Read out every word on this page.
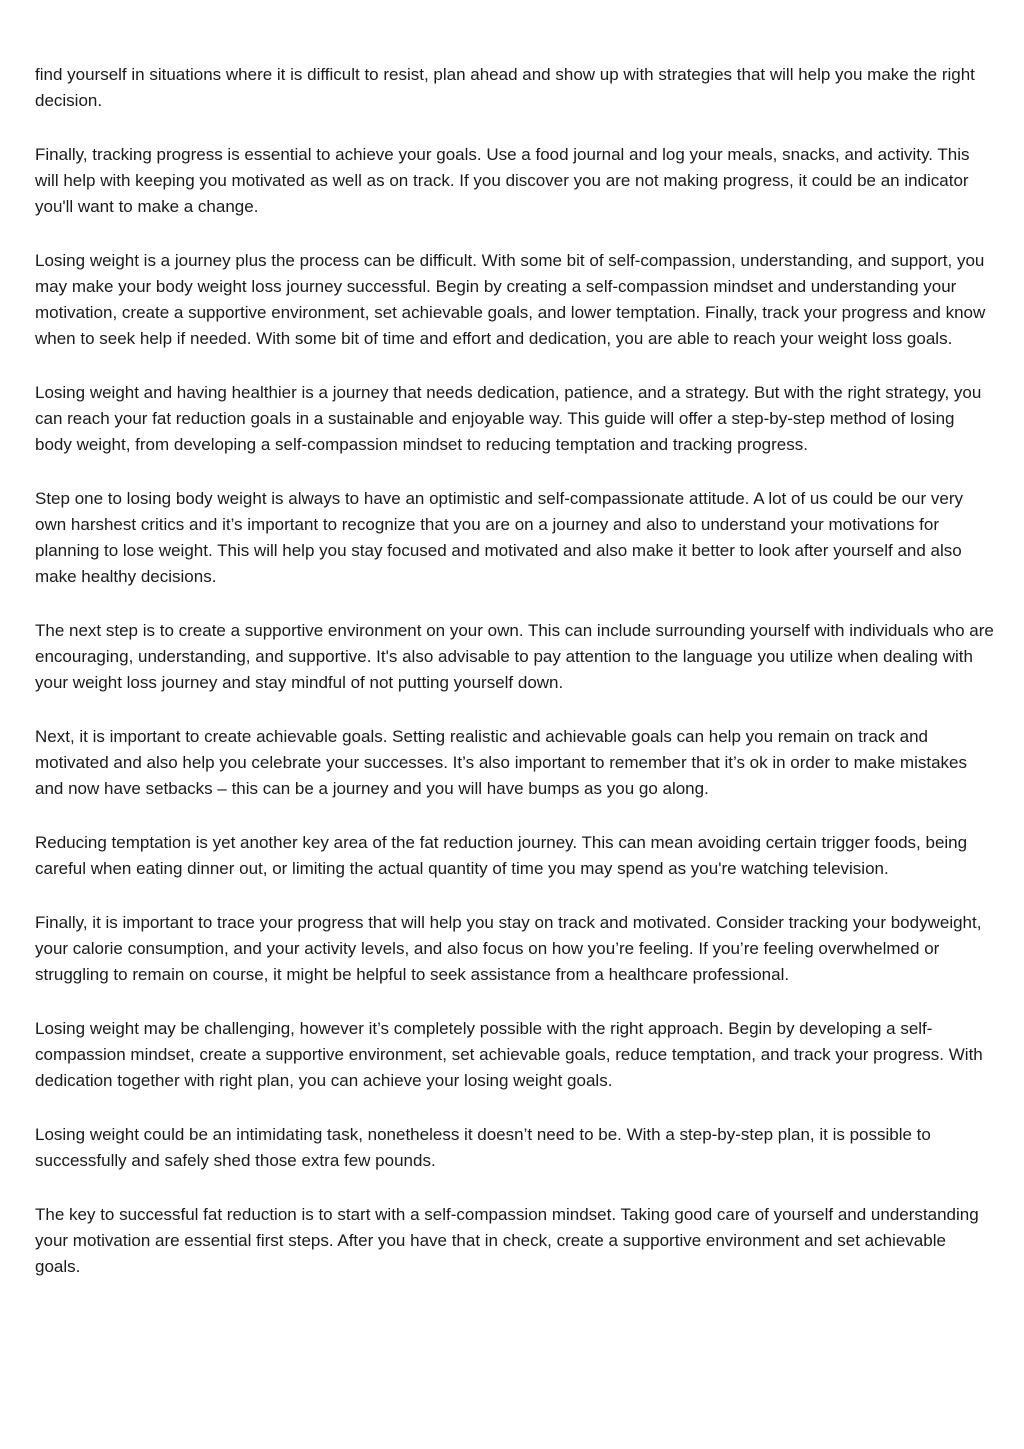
find yourself in situations where it is difficult to resist, plan ahead and show up with strategies that will help you make the right decision.

Finally, tracking progress is essential to achieve your goals. Use a food journal and log your meals, snacks, and activity. This will help with keeping you motivated as well as on track. If you discover you are not making progress, it could be an indicator you'll want to make a change.

Losing weight is a journey plus the process can be difficult. With some bit of self-compassion, understanding, and support, you may make your body weight loss journey successful. Begin by creating a self-compassion mindset and understanding your motivation, create a supportive environment, set achievable goals, and lower temptation. Finally, track your progress and know when to seek help if needed. With some bit of time and effort and dedication, you are able to reach your weight loss goals.

Losing weight and having healthier is a journey that needs dedication, patience, and a strategy. But with the right strategy, you can reach your fat reduction goals in a sustainable and enjoyable way. This guide will offer a step-by-step method of losing body weight, from developing a self-compassion mindset to reducing temptation and tracking progress.

Step one to losing body weight is always to have an optimistic and self-compassionate attitude. A lot of us could be our very own harshest critics and it’s important to recognize that you are on a journey and also to understand your motivations for planning to lose weight. This will help you stay focused and motivated and also make it better to look after yourself and also make healthy decisions.

The next step is to create a supportive environment on your own. This can include surrounding yourself with individuals who are encouraging, understanding, and supportive. It's also advisable to pay attention to the language you utilize when dealing with your weight loss journey and stay mindful of not putting yourself down.

Next, it is important to create achievable goals. Setting realistic and achievable goals can help you remain on track and motivated and also help you celebrate your successes. It’s also important to remember that it’s ok in order to make mistakes and now have setbacks – this can be a journey and you will have bumps as you go along.

Reducing temptation is yet another key area of the fat reduction journey. This can mean avoiding certain trigger foods, being careful when eating dinner out, or limiting the actual quantity of time you may spend as you're watching television.

Finally, it is important to trace your progress that will help you stay on track and motivated. Consider tracking your bodyweight, your calorie consumption, and your activity levels, and also focus on how you’re feeling. If you’re feeling overwhelmed or struggling to remain on course, it might be helpful to seek assistance from a healthcare professional.

Losing weight may be challenging, however it’s completely possible with the right approach. Begin by developing a self-compassion mindset, create a supportive environment, set achievable goals, reduce temptation, and track your progress. With dedication together with right plan, you can achieve your losing weight goals.

Losing weight could be an intimidating task, nonetheless it doesn’t need to be. With a step-by-step plan, it is possible to successfully and safely shed those extra few pounds.

The key to successful fat reduction is to start with a self-compassion mindset. Taking good care of yourself and understanding your motivation are essential first steps. After you have that in check, create a supportive environment and set achievable goals.
